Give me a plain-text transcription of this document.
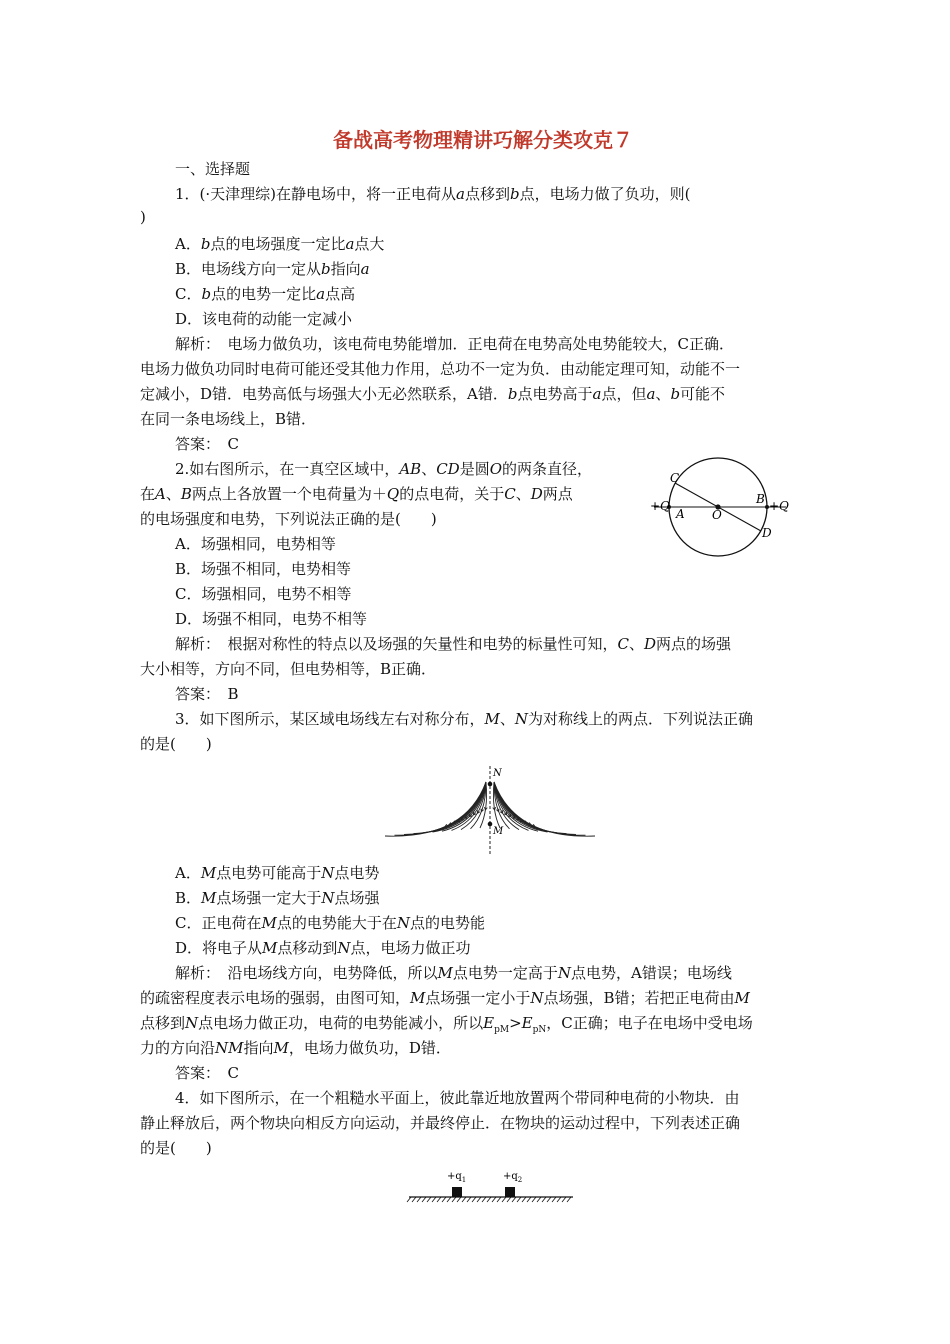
备战高考物理精讲巧解分类攻克７
一、选择题
1．(·天津理综)在静电场中，将一正电荷从a点移到b点，电场力做了负功，则(
)
A．b点的电场强度一定比a点大
B．电场线方向一定从b指向a
C．b点的电势一定比a点高
D．该电荷的动能一定减小
解析：　电场力做负功，该电荷电势能增加．正电荷在电势高处电势能较大，C正确．
电场力做负功同时电荷可能还受其他力作用，总功不一定为负．由动能定理可知，动能不一
定减小，D错．电势高低与场强大小无必然联系，A错．b点电势高于a点，但a、b可能不
在同一条电场线上，B错．
答案：　C
2.如右图所示，在一真空区域中，AB、CD是圆O的两条直径，
在A、B两点上各放置一个电荷量为＋Q的点电荷，关于C、D两点
的电场强度和电势，下列说法正确的是(　　)
C
B
+Q
A O
+Q
D
A．场强相同，电势相等
B．场强不相同，电势相等
C．场强相同，电势不相等
D．场强不相同，电势不相等
解析：　根据对称性的特点以及场强的矢量性和电势的标量性可知，C、D两点的场强
大小相等，方向不同，但电势相等，B正确．
答案：　B
3．如下图所示，某区域电场线左右对称分布，M、N为对称线上的两点．下列说法正确
的是(　　)
N
M
A．M点电势可能高于N点电势
B．M点场强一定大于N点场强
C．正电荷在M点的电势能大于在N点的电势能
D．将电子从M点移动到N点，电场力做正功
解析：　沿电场线方向，电势降低，所以M点电势一定高于N点电势，A错误；电场线
的疏密程度表示电场的强弱，由图可知，M点场强一定小于N点场强，B错；若把正电荷由M
点移到N点电场力做正功，电荷的电势能减小，所以$E_{pM}>E_{pN}$，C正确；电子在电场中受电场
力的方向沿NM指向M，电场力做负功，D错．
答案：　C
4．如下图所示，在一个粗糙水平面上，彼此靠近地放置两个带同种电荷的小物块．由
静止释放后，两个物块向相反方向运动，并最终停止．在物块的运动过程中，下列表述正确
的是(　　)
$+q_1$	$+q_2$
